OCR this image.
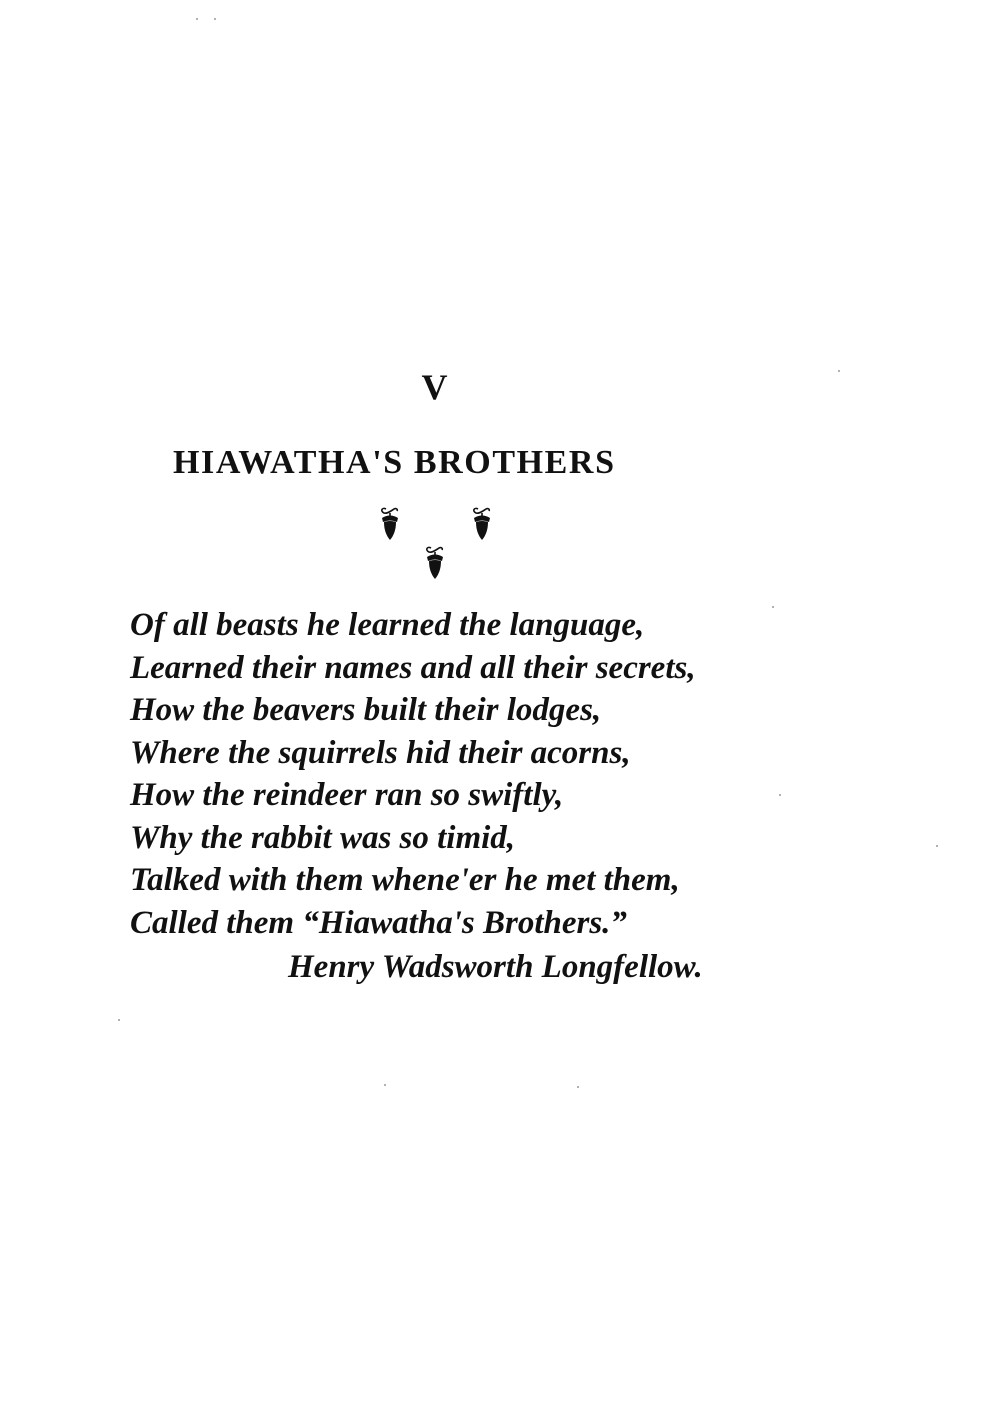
V
HIAWATHA'S BROTHERS
Of all beasts he learned the language,
Learned their names and all their secrets,
How the beavers built their lodges,
Where the squirrels hid their acorns,
How the reindeer ran so swiftly,
Why the rabbit was so timid,
Talked with them whene'er he met them,
Called them “Hiawatha's Brothers.”
Henry Wadsworth Longfellow.
